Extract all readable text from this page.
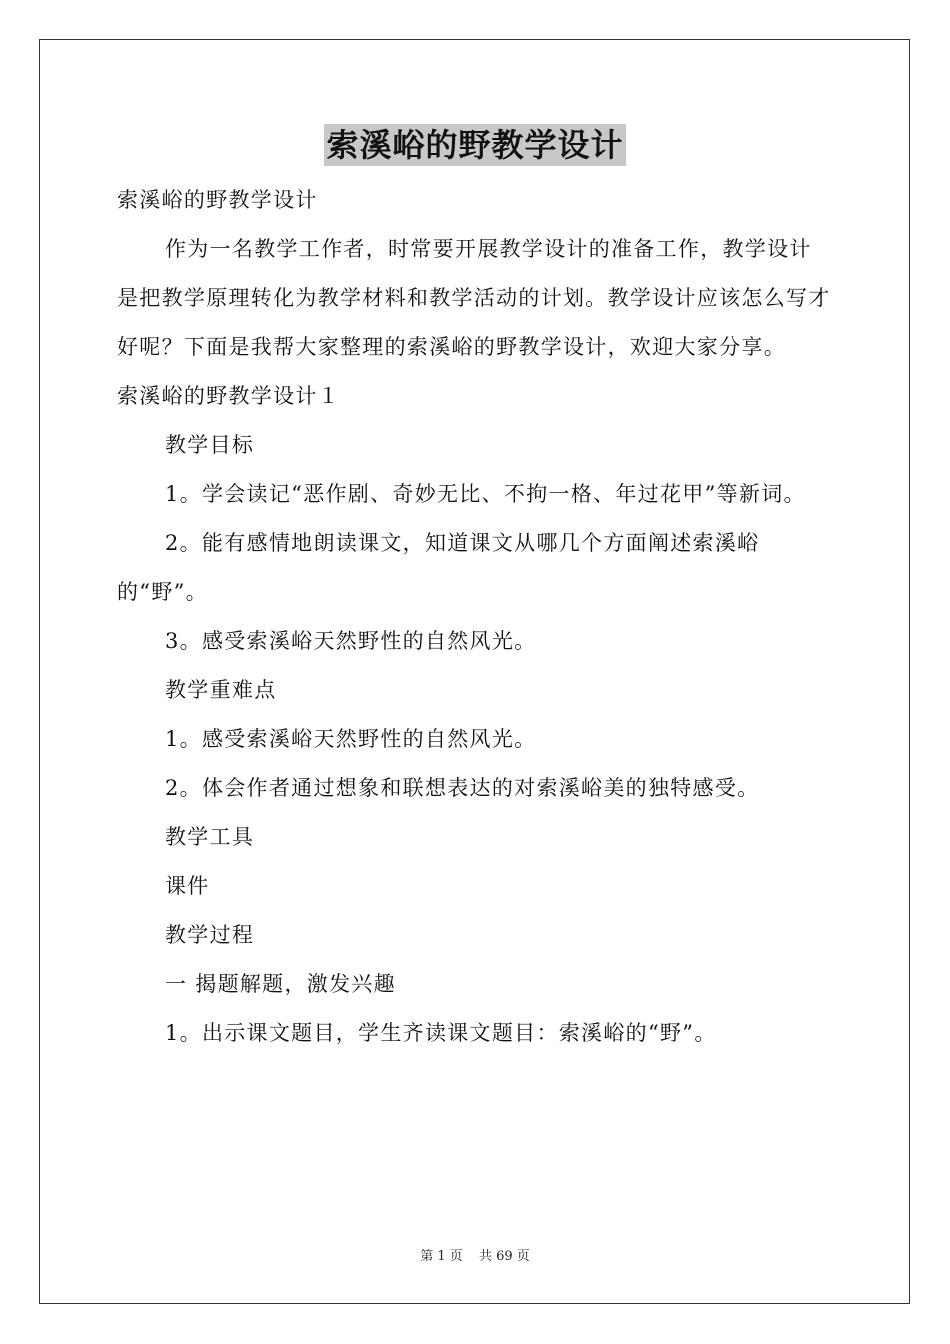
索溪峪的野教学设计

索溪峪的野教学设计

作为一名教学工作者，时常要开展教学设计的准备工作，教学设计是把教学原理转化为教学材料和教学活动的计划。教学设计应该怎么写才好呢？下面是我帮大家整理的索溪峪的野教学设计，欢迎大家分享。

索溪峪的野教学设计１

教学目标

1。学会读记“恶作剧、奇妙无比、不拘一格、年过花甲”等新词。

2。能有感情地朗读课文，知道课文从哪几个方面阐述索溪峪的“野”。

3。感受索溪峪天然野性的自然风光。

教学重难点

1。感受索溪峪天然野性的自然风光。

2。体会作者通过想象和联想表达的对索溪峪美的独特感受。

教学工具

课件

教学过程

一 揭题解题，激发兴趣

1。出示课文题目，学生齐读课文题目：索溪峪的“野”。

第 1 页 共 69 页
